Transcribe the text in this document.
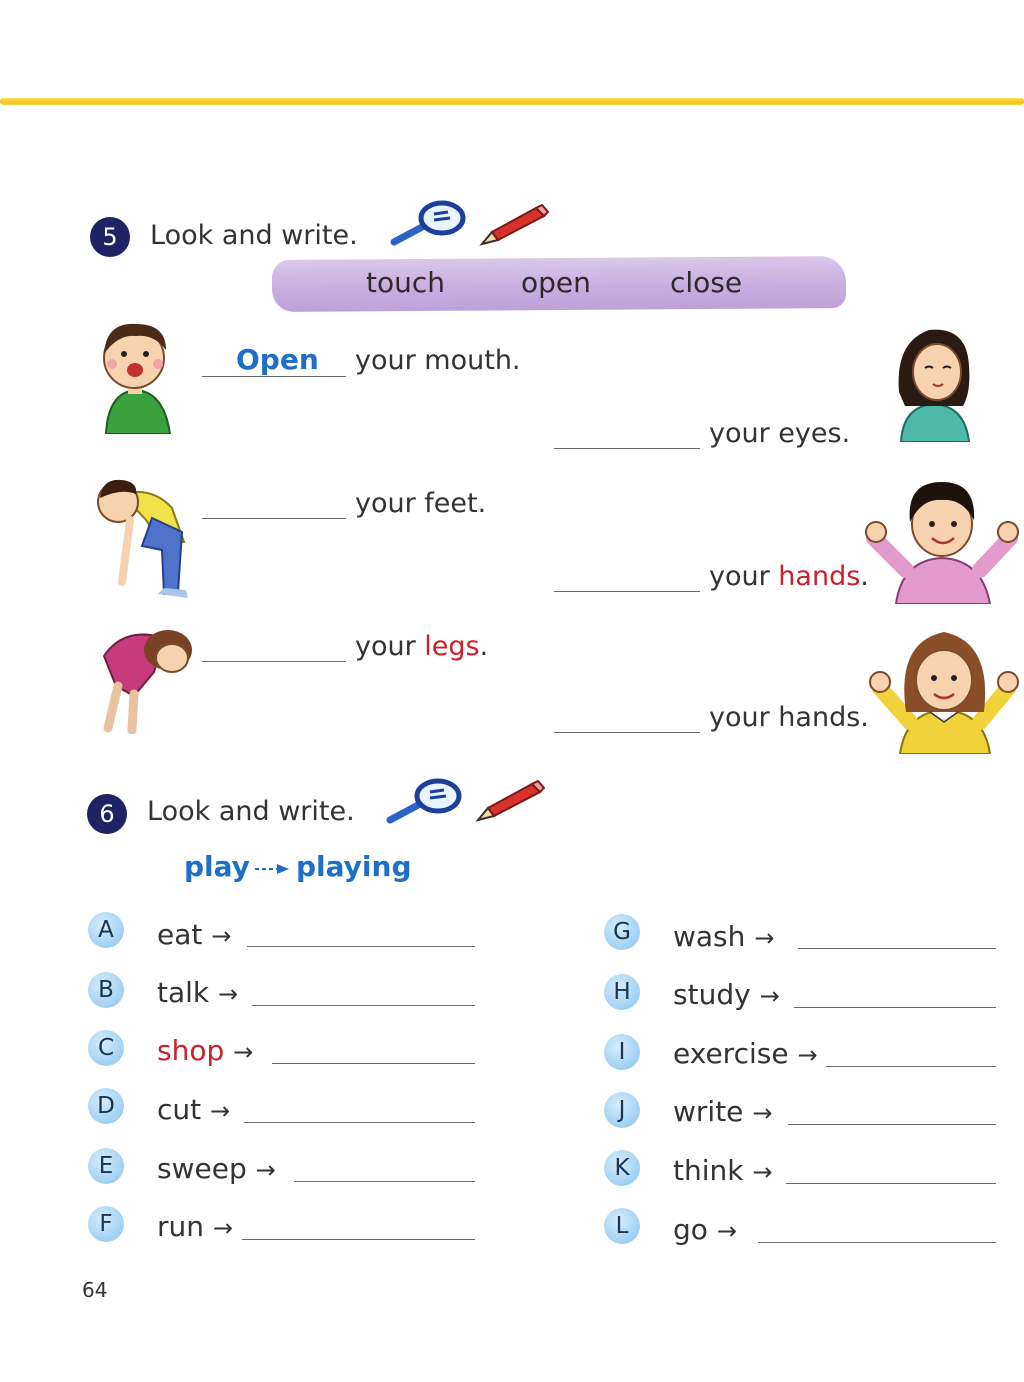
5	Look and write.
touch	open	close
Open your mouth.
your eyes.
your feet.
your hands.
your legs.
your hands.
6	Look and write.
play playing
A	eat →
B	talk →
C	shop →
D	cut →
E	sweep →
F	run →
G	wash →
H	study →
I	exercise →
J	write →
K	think →
L	go →
64
